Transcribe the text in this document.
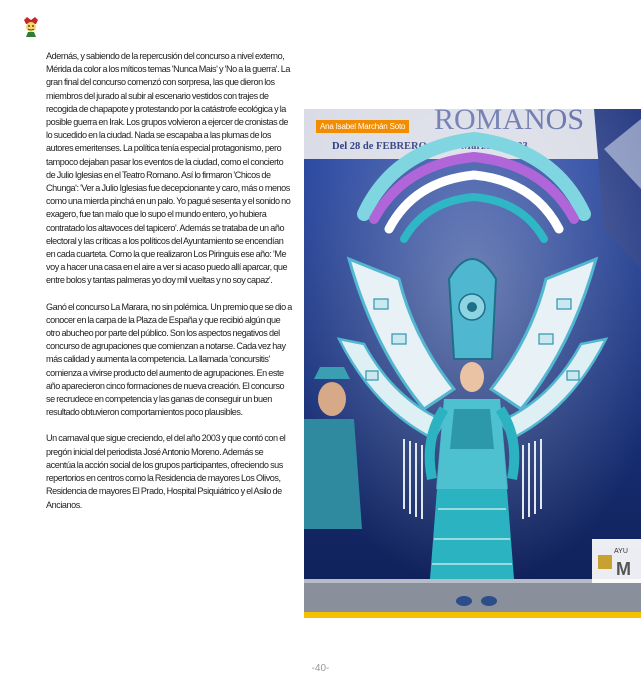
Además, y sabiendo de la repercusión del concurso a nivel externo, Mérida da color a los míticos temas 'Nunca Mais' y 'No a la guerra'. La gran final del concurso comenzó con sorpresa, las que dieron los miembros del jurado al subir al escenario vestidos con trajes de recogida de chapapote y protestando por la catástrofe ecológica y la posible guerra en Irak. Los grupos volvieron a ejercer de cronistas de lo sucedido en la ciudad. Nada se escapaba a las plumas de los autores emeritenses. La política tenía especial protagonismo, pero tampoco dejaban pasar los eventos de la ciudad, como el concierto de Julio Iglesias en el Teatro Romano. Así lo firmaron 'Chicos de Chunga': 'Ver a Julio Iglesias fue decepcionante y caro, más o menos como una mierda pinchá en un palo. Yo pagué sesenta y el sonido no exagero, fue tan malo que lo supo el mundo entero, yo hubiera contratado los altavoces del tapicero'. Además se trataba de un año electoral y las críticas a los políticos del Ayuntamiento se encendían en cada cuarteta. Como la que realizaron Los Piringuis ese año: 'Me voy a hacer una casa en el aire a ver si acaso puedo allí aparcar, que entre bolos y tantas palmeras yo doy mil vueltas y no soy capaz'.

Ganó el concurso La Marara, no sin polémica. Un premio que se dio a conocer en la carpa de la Plaza de España y que recibió algún que otro abucheo por parte del público. Son los aspectos negativos del concurso de agrupaciones que comienzan a notarse. Cada vez hay más calidad y aumenta la competencia. La llamada 'concursitis' comienza a vivirse producto del aumento de agrupaciones. En este año aparecieron cinco formaciones de nueva creación. El concurso se recrudece en competencia y las ganas de conseguir un buen resultado obtuvieron comportamientos poco plausibles.

Un carnaval que sigue creciendo, el del año 2003 y que contó con el pregón inicial del periodista José Antonio Moreno. Además se acentúa la acción social de los grupos participantes, ofreciendo sus repertorios en centros como la Residencia de mayores Los Olivos, Residencia de mayores El Prado, Hospital Psiquiátrico y el Asilo de Ancianos.

AYU
M
Ana Isabel Marchán Soto
-40-
